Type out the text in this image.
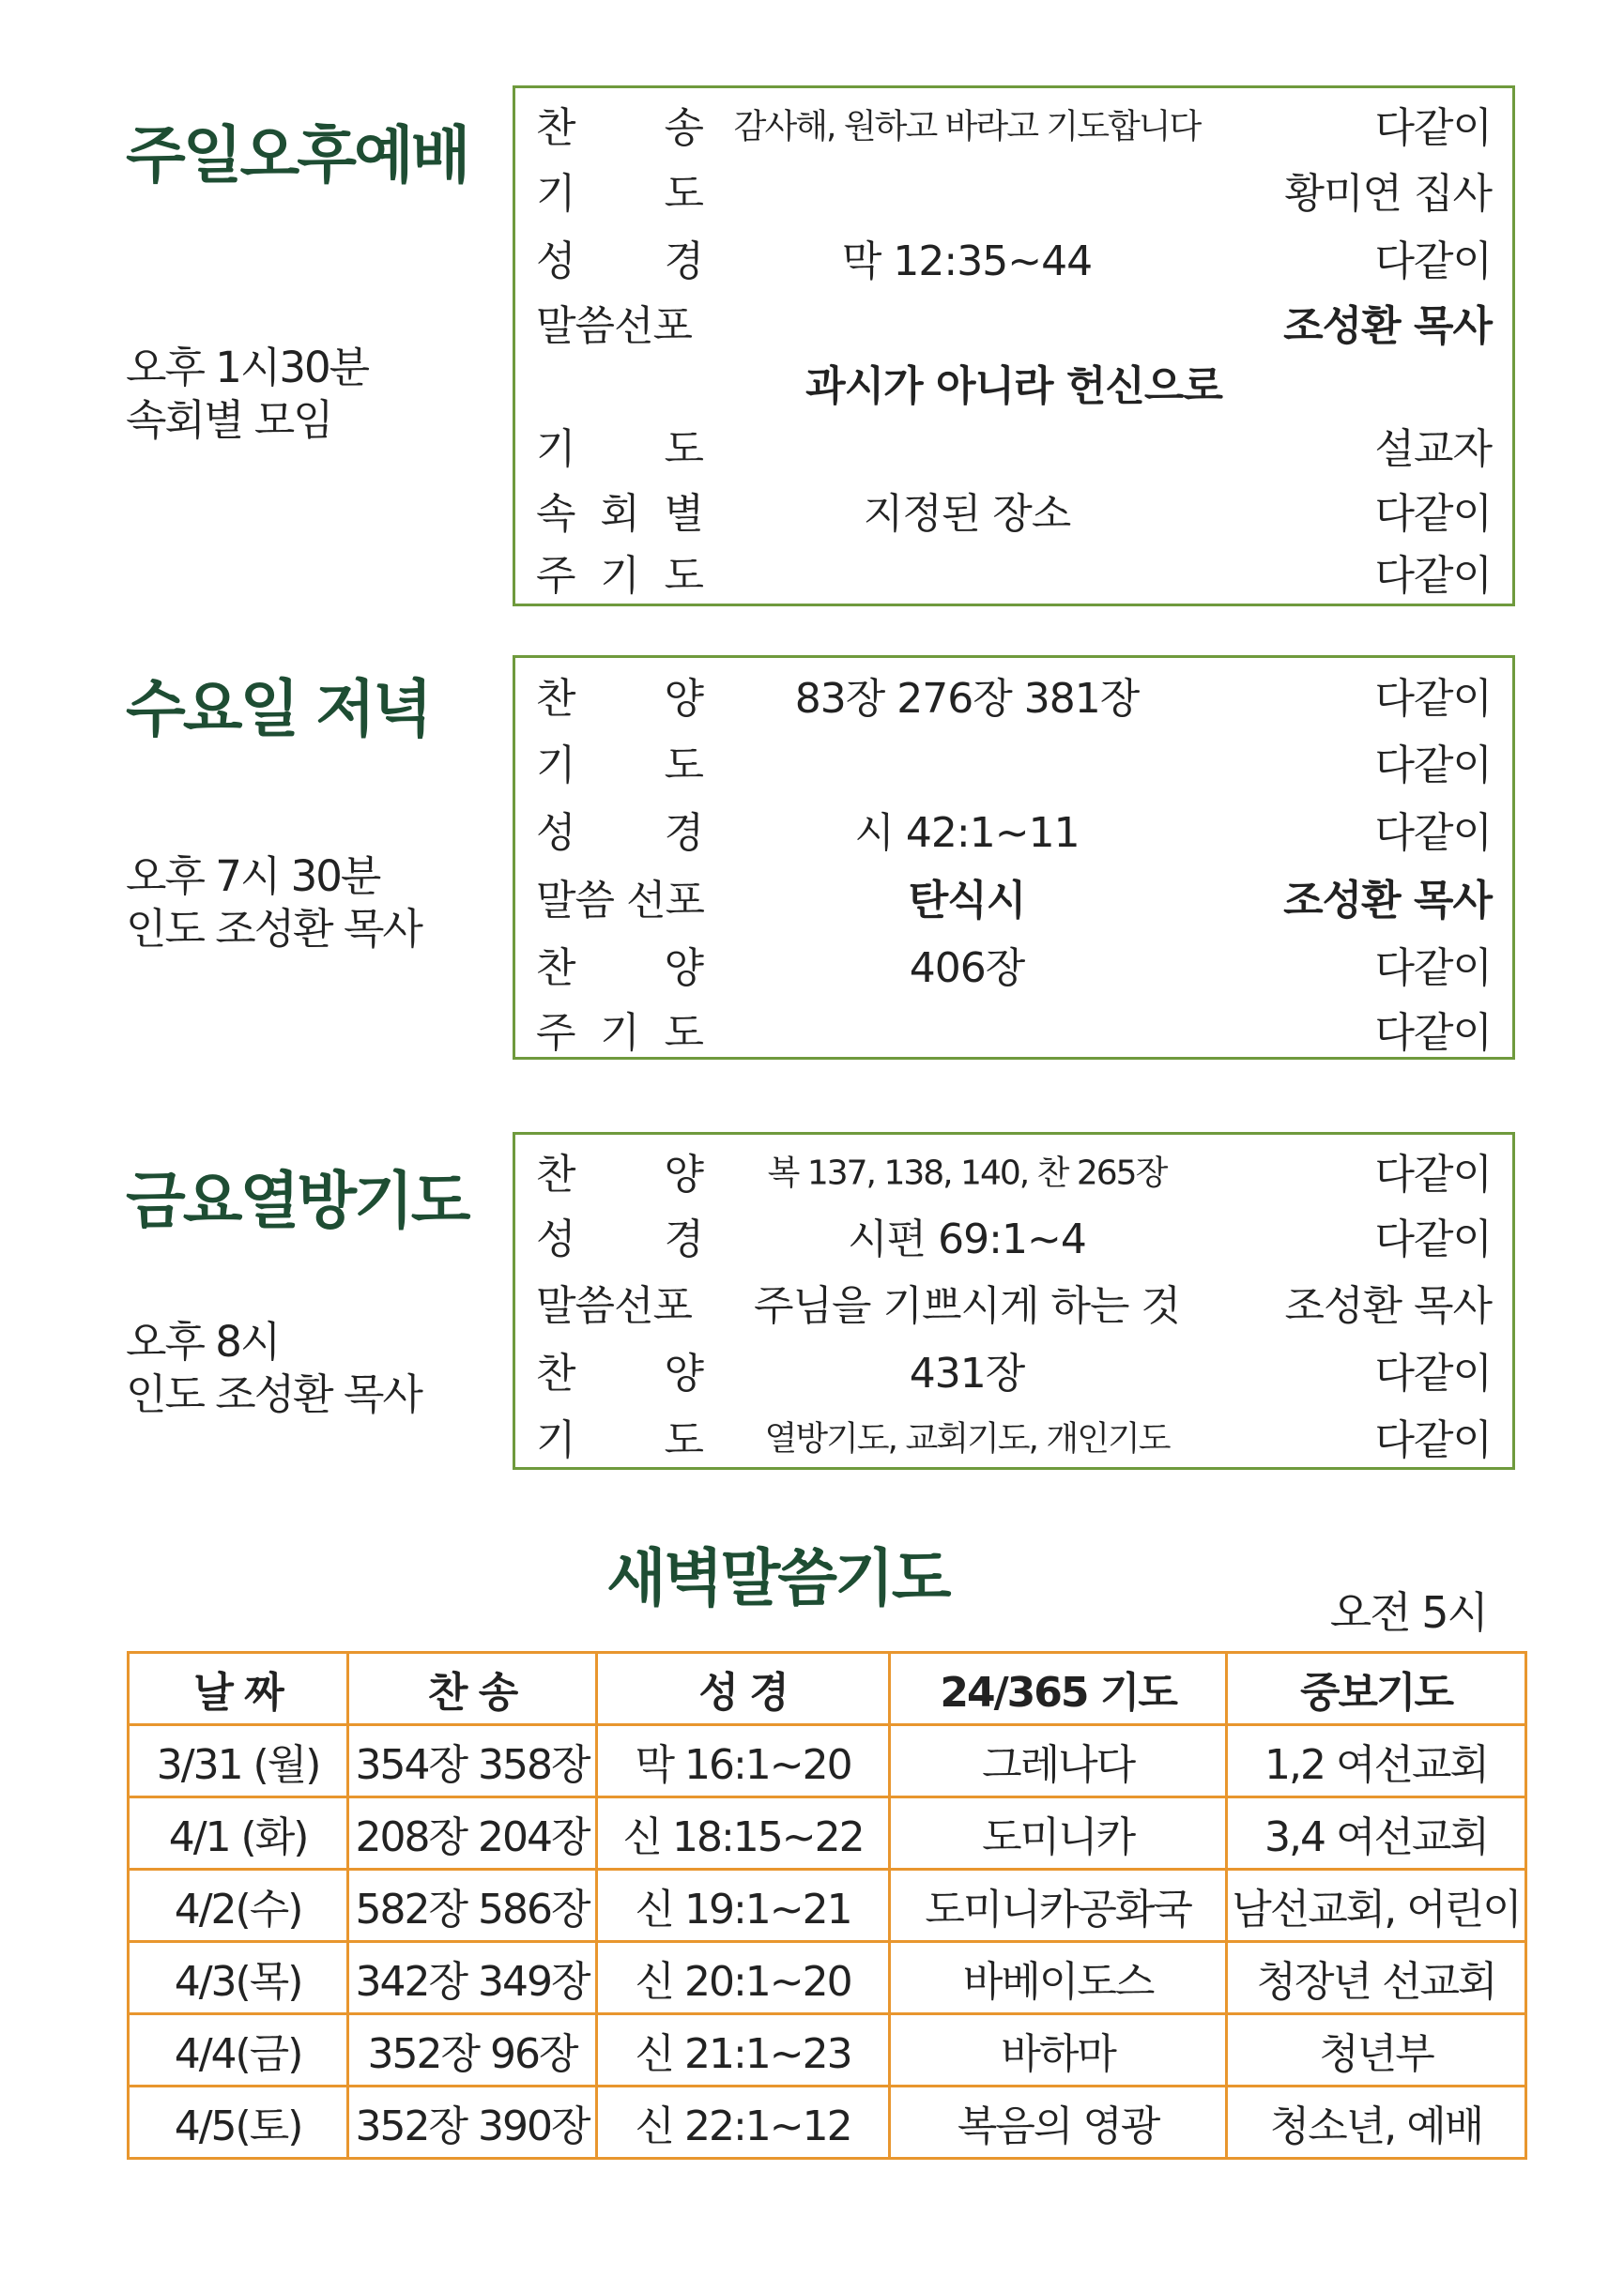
주일오후예배
오후 1시30분
속회별 모임
찬 송 감사해, 원하고 바라고 기도합니다	다같이
기 도	황미연 집사
성 경	막 12:35~44	다같이
말씀선포	조성환 목사
과시가 아니라 헌신으로
기 도	설교자
속 회 별	지정된 장소	다같이
주 기 도	다같이
수요일 저녁
오후 7시 30분
인도 조성환 목사
찬 양	83장 276장 381장	다같이
기 도	다같이
성 경	시 42:1~11	다같이
말씀 선포	탄식시	조성환 목사
찬 양	406장	다같이
주 기 도	다같이
금요열방기도
오후 8시
인도 조성환 목사
찬 양	복 137, 138, 140, 찬 265장	다같이
성 경	시편 69:1~4	다같이
말씀선포	주님을 기쁘시게 하는 것	조성환 목사
찬 양	431장	다같이
기 도	열방기도, 교회기도, 개인기도	다같이
새벽말씀기도	오전 5시
날 짜	찬 송	성 경	24/365 기도	중보기도
3/31 (월)	354장 358장	막 16:1~20	그레나다	1,2 여선교회
4/1 (화)	208장 204장	신 18:15~22	도미니카	3,4 여선교회
4/2(수)	582장 586장	신 19:1~21	도미니카공화국	남선교회, 어린이
4/3(목)	342장 349장	신 20:1~20	바베이도스	청장년 선교회
4/4(금)	352장 96장	신 21:1~23	바하마	청년부
4/5(토)	352장 390장	신 22:1~12	복음의 영광	청소년, 예배
